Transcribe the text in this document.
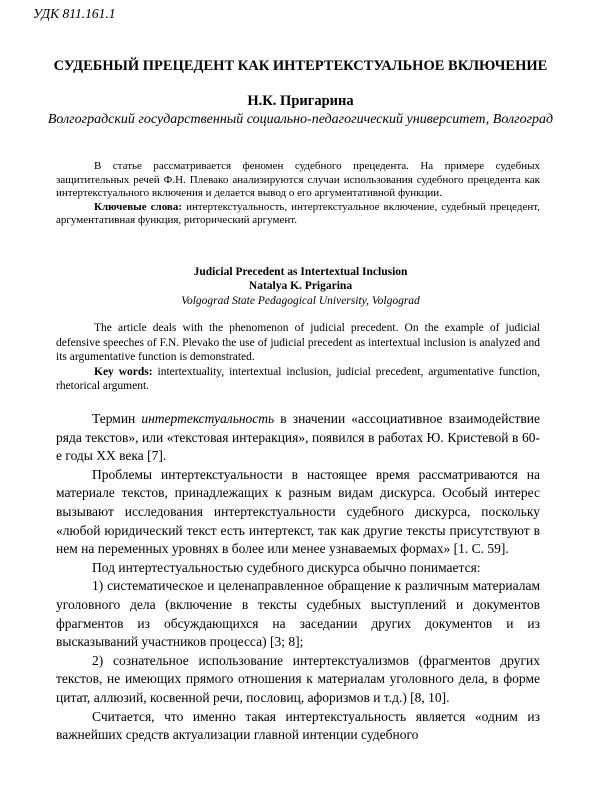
УДК 811.161.1
СУДЕБНЫЙ ПРЕЦЕДЕНТ КАК ИНТЕРТЕКСТУАЛЬНОЕ ВКЛЮЧЕНИЕ
Н.К. Пригарина
Волгоградский государственный социально-педагогический университет, Волгоград

В статье рассматривается феномен судебного прецедента. На примере судебных защитительных речей Ф.Н. Плевако анализируются случаи использования судебного прецедента как интертекстуального включения и делается вывод о его аргументативной функции.

Ключевые слова: интертекстуальность, интертекстуальное включение, судебный прецедент, аргументативная функция, риторический аргумент.

Judicial Precedent as Intertextual Inclusion
Natalya K. Prigarina
Volgograd State Pedagogical University, Volgograd

The article deals with the phenomenon of judicial precedent. On the example of judicial defensive speeches of F.N. Plevako the use of judicial precedent as intertextual inclusion is analyzed and its argumentative function is demonstrated.

Key words: intertextuality, intertextual inclusion, judicial precedent, argumentative function, rhetorical argument.

Термин интертекстуальность в значении «ассоциативное взаимодействие ряда текстов», или «текстовая интеракция», появился в работах Ю. Кристевой в 60-е годы XX века [7].

Проблемы интертекстуальности в настоящее время рассматриваются на материале текстов, принадлежащих к разным видам дискурса. Особый интерес вызывают исследования интертекстуальности судебного дискурса, поскольку «любой юридический текст есть интертекст, так как другие тексты присутствуют в нем на переменных уровнях в более или менее узнаваемых формах» [1. С. 59].

Под интертестуальностью судебного дискурса обычно понимается:

1) систематическое и целенаправленное обращение к различным материалам уголовного дела (включение в тексты судебных выступлений и документов фрагментов из обсуждающихся на заседании других документов и из высказываний участников процесса) [3; 8];

2) сознательное использование интертекстуализмов (фрагментов других текстов, не имеющих прямого отношения к материалам уголовного дела, в форме цитат, аллюзий, косвенной речи, пословиц, афоризмов и т.д.) [8, 10].

Считается, что именно такая интертекстуальность является «одним из важнейших средств актуализации главной интенции судебного
